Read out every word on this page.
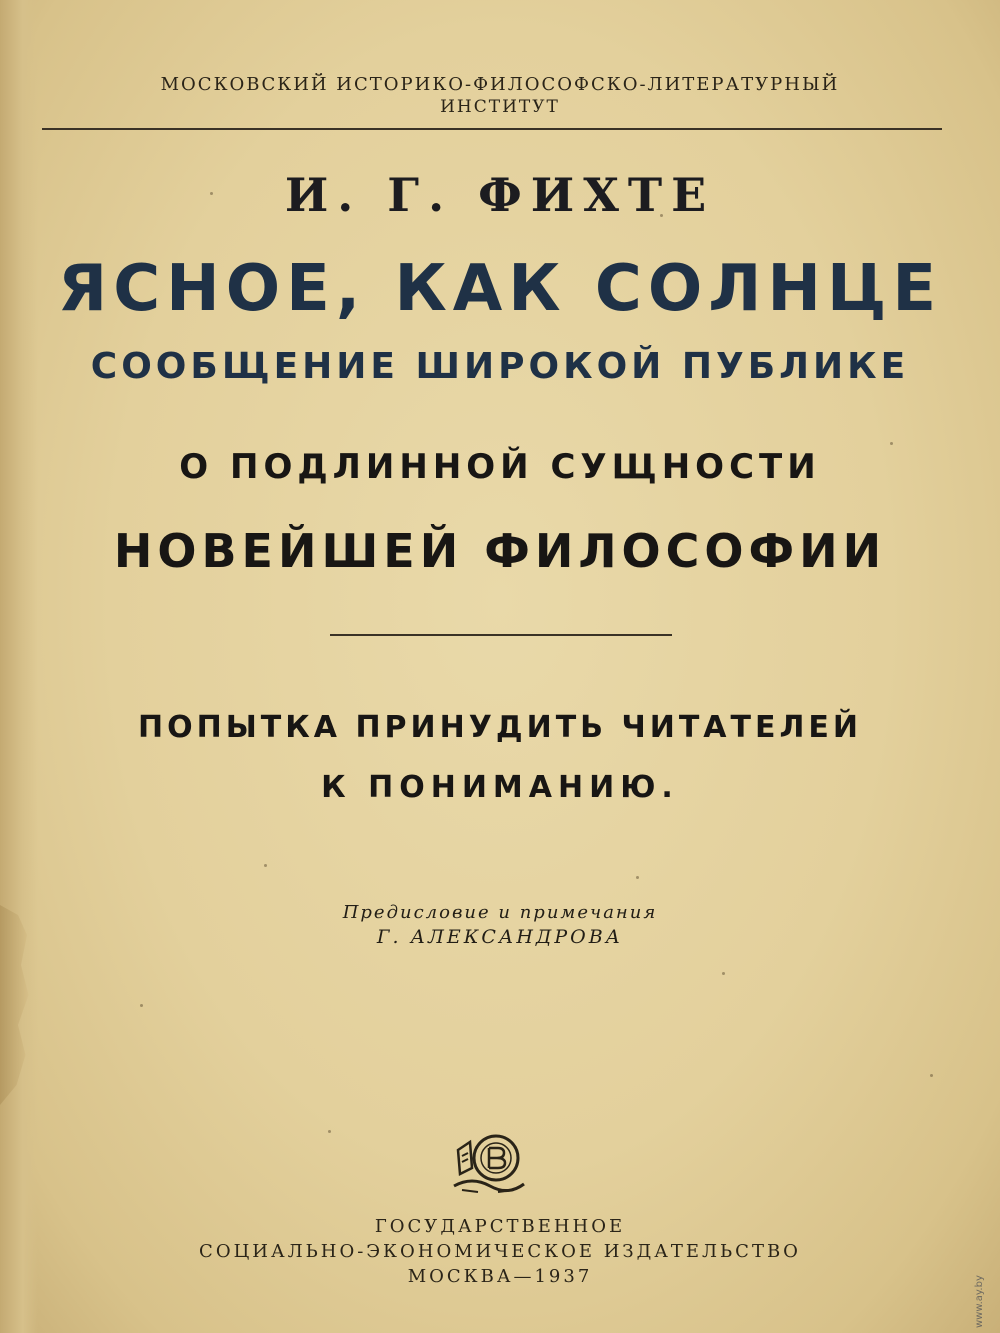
МОСКОВСКИЙ ИСТОРИКО-ФИЛОСОФСКО-ЛИТЕРАТУРНЫЙ
ИНСТИТУТ
И. Г. ФИХТЕ
ЯСНОЕ, КАК СОЛНЦЕ
СООБЩЕНИЕ ШИРОКОЙ ПУБЛИКЕ
О ПОДЛИННОЙ СУЩНОСТИ
НОВЕЙШЕЙ ФИЛОСОФИИ
ПОПЫТКА ПРИНУДИТЬ ЧИТАТЕЛЕЙ
К ПОНИМАНИЮ.
Предисловие и примечания
Г. АЛЕКСАНДРОВА
ГОСУДАРСТВЕННОЕ
СОЦИАЛЬНО-ЭКОНОМИЧЕСКОЕ ИЗДАТЕЛЬСТВО
МОСКВА—1937	www.ay.by
